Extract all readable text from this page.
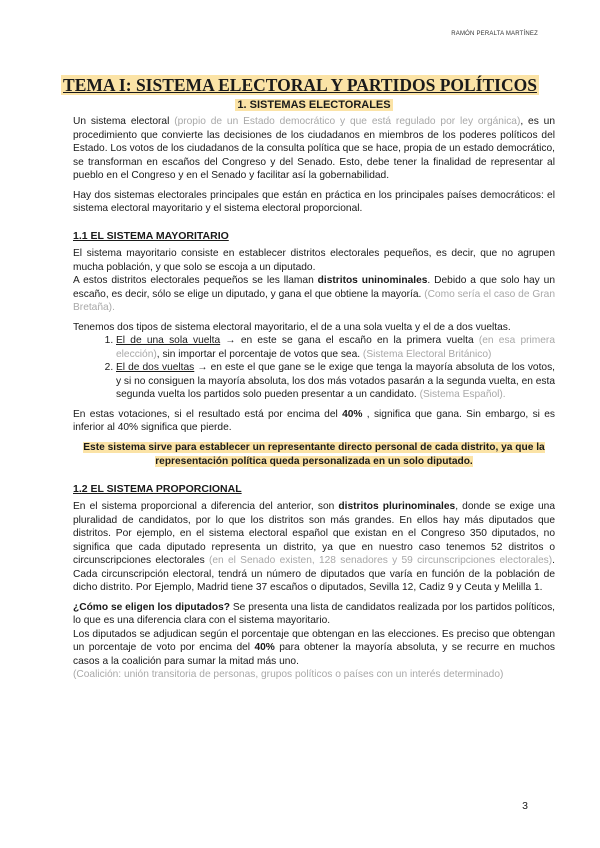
RAMÓN PERALTA MARTÍNEZ
TEMA I: SISTEMA ELECTORAL Y PARTIDOS POLÍTICOS
1. SISTEMAS ELECTORALES

Un sistema electoral (propio de un Estado democrático y que está regulado por ley orgánica), es un procedimiento que convierte las decisiones de los ciudadanos en miembros de los poderes políticos del Estado. Los votos de los ciudadanos de la consulta política que se hace, propia de un estado democrático, se transforman en escaños del Congreso y del Senado. Esto, debe tener la finalidad de representar al pueblo en el Congreso y en el Senado y facilitar así la gobernabilidad.

Hay dos sistemas electorales principales que están en práctica en los principales países democráticos: el sistema electoral mayoritario y el sistema electoral proporcional.

1.1 EL SISTEMA MAYORITARIO

El sistema mayoritario consiste en establecer distritos electorales pequeños, es decir, que no agrupen mucha población, y que solo se escoja a un diputado.

A estos distritos electorales pequeños se les llaman distritos uninominales. Debido a que solo hay un escaño, es decir, sólo se elige un diputado, y gana el que obtiene la mayoría. (Como sería el caso de Gran Bretaña).

Tenemos dos tipos de sistema electoral mayoritario, el de a una sola vuelta y el de a dos vueltas.

1. El de una sola vuelta → en este se gana el escaño en la primera vuelta (en esa primera elección), sin importar el porcentaje de votos que sea. (Sistema Electoral Británico)
2. El de dos vueltas → en este el que gane se le exige que tenga la mayoría absoluta de los votos, y si no consiguen la mayoría absoluta, los dos más votados pasarán a la segunda vuelta, en esta segunda vuelta los partidos solo pueden presentar a un candidato. (Sistema Español).

En estas votaciones, si el resultado está por encima del 40% , significa que gana. Sin embargo, si es inferior al 40% significa que pierde.

Este sistema sirve para establecer un representante directo personal de cada distrito, ya que la representación política queda personalizada en un solo diputado.
1.2 EL SISTEMA PROPORCIONAL

En el sistema proporcional a diferencia del anterior, son distritos plurinominales, donde se exige una pluralidad de candidatos, por lo que los distritos son más grandes. En ellos hay más diputados que distritos. Por ejemplo, en el sistema electoral español que existan en el Congreso 350 diputados, no significa que cada diputado representa un distrito, ya que en nuestro caso tenemos 52 distritos o circunscripciones electorales (en el Senado existen, 128 senadores y 59 circunscripciones electorales). Cada circunscripción electoral, tendrá un número de diputados que varía en función de la población de dicho distrito. Por Ejemplo, Madrid tiene 37 escaños o diputados, Sevilla 12, Cadiz 9 y Ceuta y Melilla 1.

¿Cómo se eligen los diputados? Se presenta una lista de candidatos realizada por los partidos políticos, lo que es una diferencia clara con el sistema mayoritario.

Los diputados se adjudican según el porcentaje que obtengan en las elecciones. Es preciso que obtengan un porcentaje de voto por encima del 40% para obtener la mayoría absoluta, y se recurre en muchos casos a la coalición para sumar la mitad más uno.

(Coalición: unión transitoria de personas, grupos políticos o países con un interés determinado)

3
